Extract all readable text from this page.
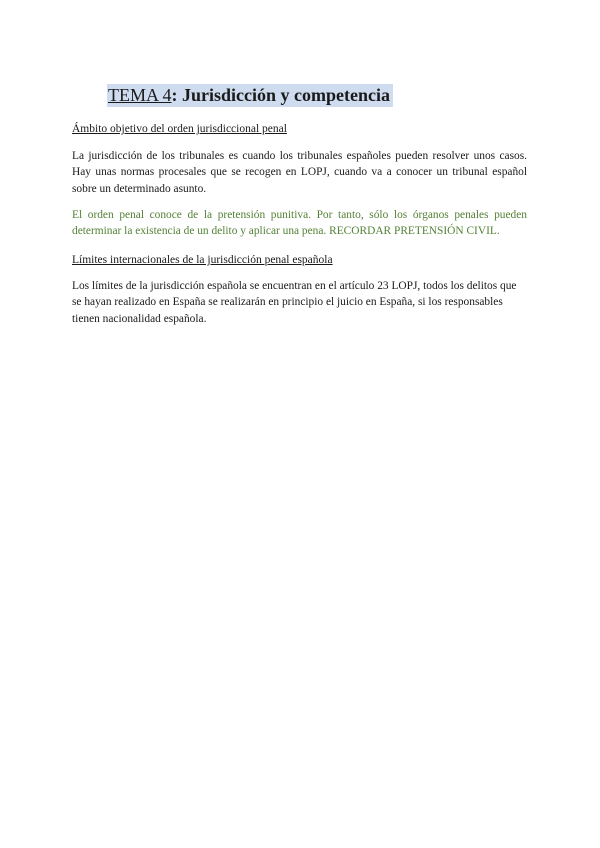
TEMA 4: Jurisdicción y competencia
Ámbito objetivo del orden jurisdiccional penal
La jurisdicción de los tribunales es cuando los tribunales españoles pueden resolver unos casos. Hay unas normas procesales que se recogen en LOPJ, cuando va a conocer un tribunal español sobre un determinado asunto.
El orden penal conoce de la pretensión punitiva. Por tanto, sólo los órganos penales pueden determinar la existencia de un delito y aplicar una pena. RECORDAR PRETENSIÓN CIVIL.
Límites internacionales de la jurisdicción penal española
Los límites de la jurisdicción española se encuentran en el artículo 23 LOPJ, todos los delitos que se hayan realizado en España se realizarán en principio el juicio en España, si los responsables tienen nacionalidad española.
